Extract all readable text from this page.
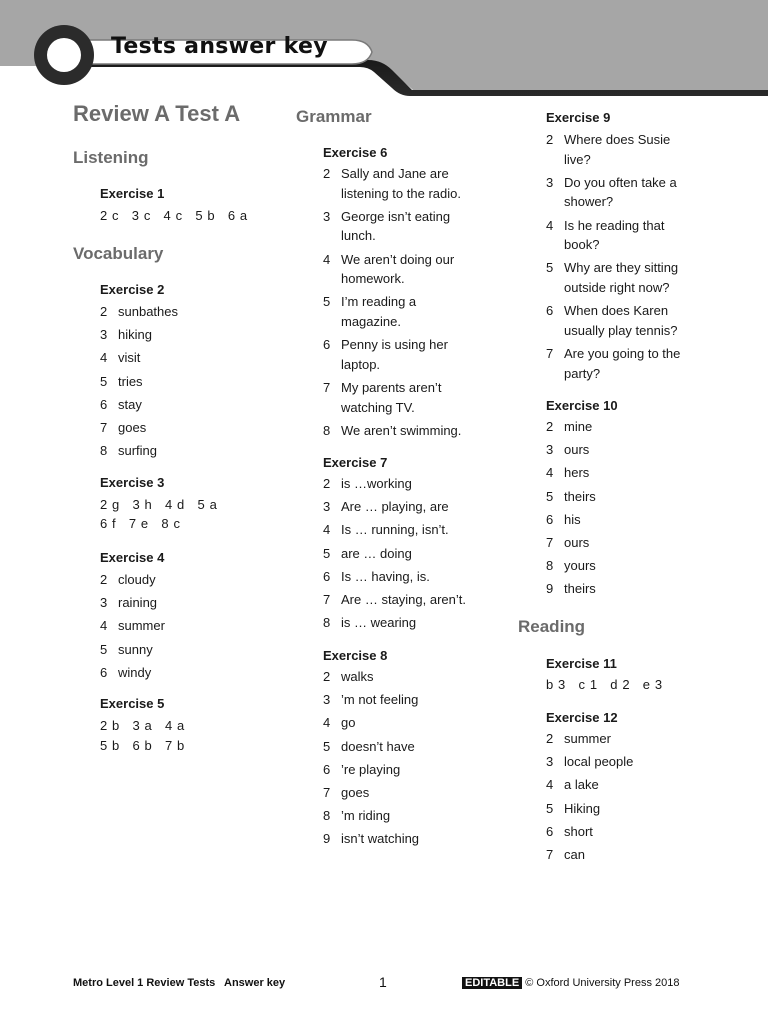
Tests answer key
Review A Test A
Listening
Exercise 1
2 c   3 c   4 c   5 b   6 a
Vocabulary
Exercise 2
2 sunbathes
3 hiking
4 visit
5 tries
6 stay
7 goes
8 surfing
Exercise 3
2 g   3 h   4 d   5 a
6 f   7 e   8 c
Exercise 4
2 cloudy
3 raining
4 summer
5 sunny
6 windy
Exercise 5
2 b   3 a   4 a
5 b   6 b   7 b
Grammar
Exercise 6
2 Sally and Jane are
listening to the radio.
3 George isn’t eating
lunch.
4 We aren’t doing our
homework.
5 I’m reading a
magazine.
6 Penny is using her
laptop.
7 My parents aren’t
watching TV.
8 We aren’t swimming.
Exercise 7
2 is …working
3 Are … playing, are
4 Is … running, isn’t.
5 are … doing
6 Is … having, is.
7 Are … staying, aren’t.
8 is … wearing
Exercise 8
2 walks
3 ’m not feeling
4 go
5 doesn’t have
6 ’re playing
7 goes
8 ’m riding
9 isn’t watching
Exercise 9
2 Where does Susie
live?
3 Do you often take a
shower?
4 Is he reading that
book?
5 Why are they sitting
outside right now?
6 When does Karen
usually play tennis?
7 Are you going to the
party?
Exercise 10
2 mine
3 ours
4 hers
5 theirs
6 his
7 ours
8 yours
9 theirs
Reading
Exercise 11
b 3   c 1   d 2   e 3
Exercise 12
2 summer
3 local people
4 a lake
5 Hiking
6 short
7 can
Metro Level 1 Review Tests   Answer key	1	EDITABLE © Oxford University Press 2018
